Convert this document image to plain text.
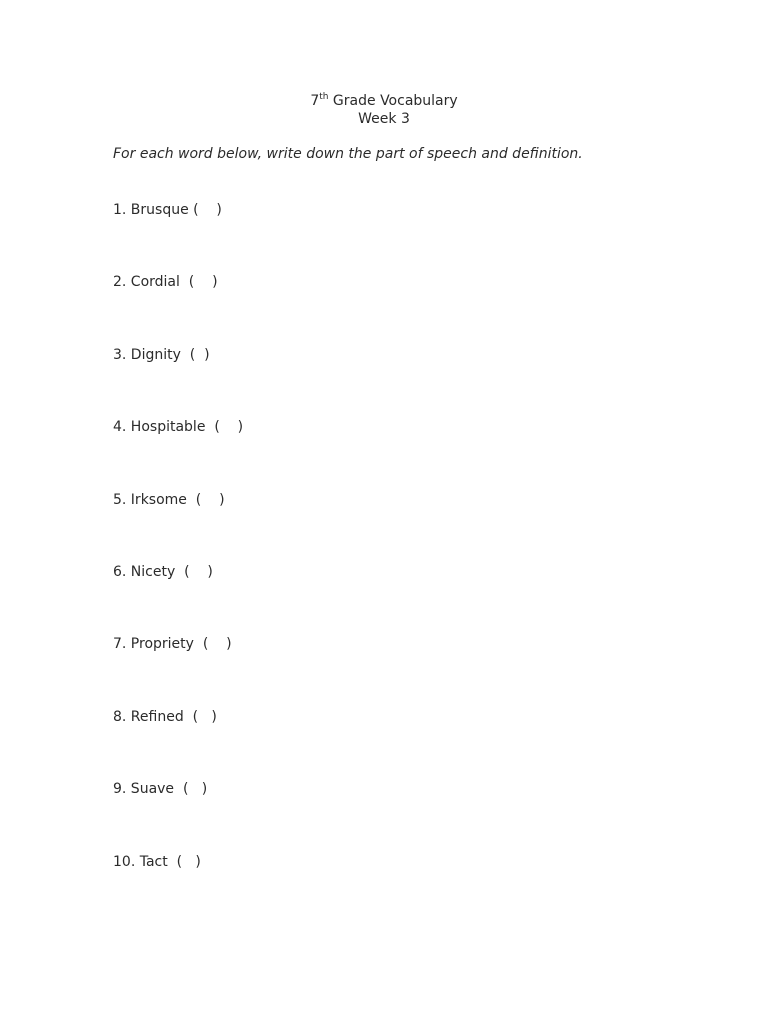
7th Grade Vocabulary
Week 3
For each word below, write down the part of speech and definition.
1. Brusque (    )
2. Cordial  (    )
3. Dignity  (  )
4. Hospitable  (    )
5. Irksome  (    )
6. Nicety  (    )
7. Propriety  (    )
8. Refined  (   )
9. Suave  (   )
10. Tact  (   )
